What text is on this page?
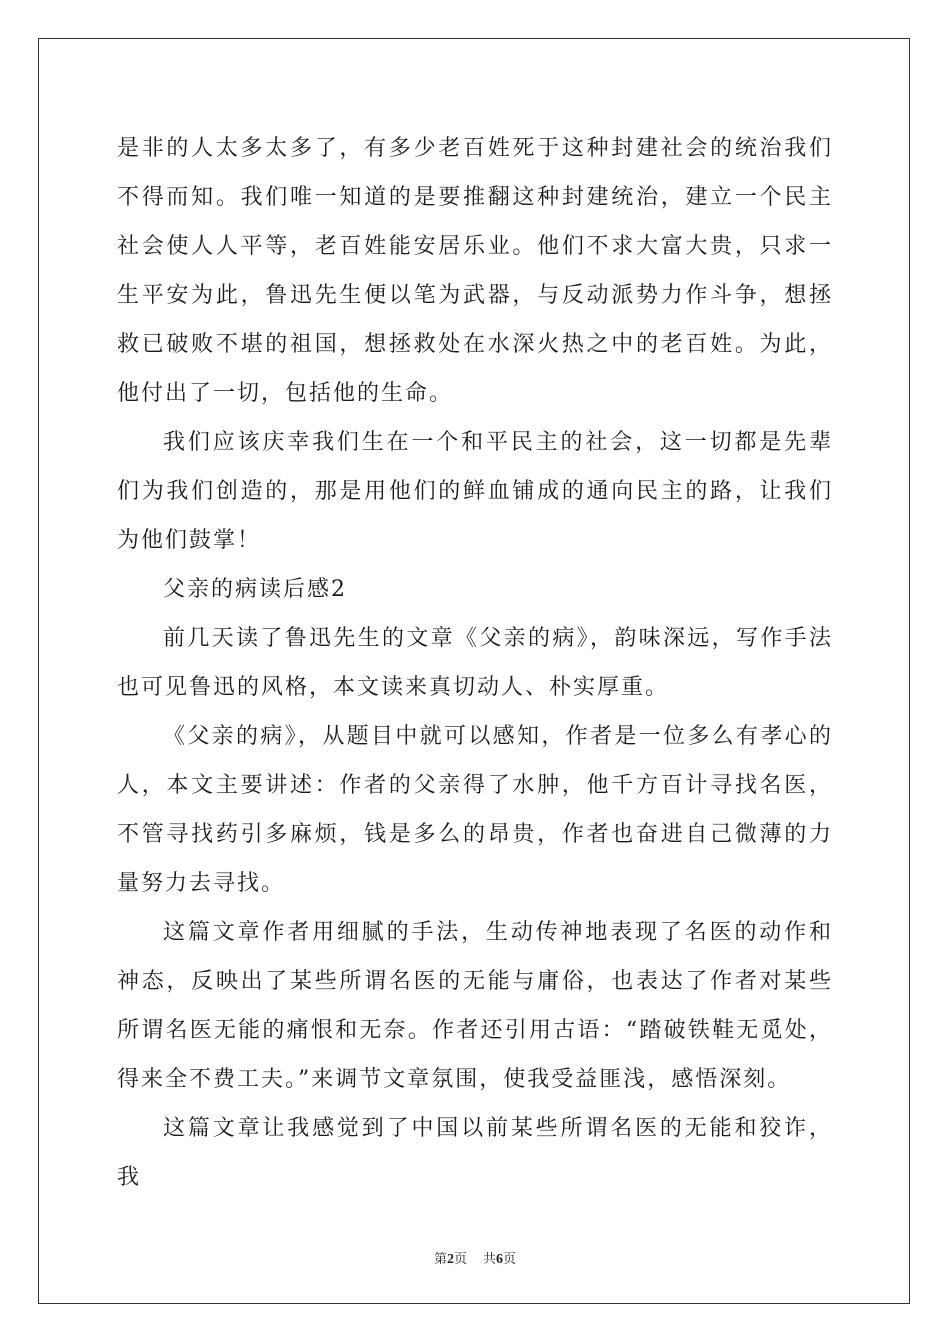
是非的人太多太多了，有多少老百姓死于这种封建社会的统治我们不得而知。我们唯一知道的是要推翻这种封建统治，建立一个民主社会使人人平等，老百姓能安居乐业。他们不求大富大贵，只求一生平安为此，鲁迅先生便以笔为武器，与反动派势力作斗争，想拯救已破败不堪的祖国，想拯救处在水深火热之中的老百姓。为此，他付出了一切，包括他的生命。

我们应该庆幸我们生在一个和平民主的社会，这一切都是先辈们为我们创造的，那是用他们的鲜血铺成的通向民主的路，让我们为他们鼓掌！

父亲的病读后感2

前几天读了鲁迅先生的文章《父亲的病》，韵味深远，写作手法也可见鲁迅的风格，本文读来真切动人、朴实厚重。

《父亲的病》，从题目中就可以感知，作者是一位多么有孝心的人，本文主要讲述：作者的父亲得了水肿，他千方百计寻找名医，不管寻找药引多麻烦，钱是多么的昂贵，作者也奋进自己微薄的力量努力去寻找。

这篇文章作者用细腻的手法，生动传神地表现了名医的动作和神态，反映出了某些所谓名医的无能与庸俗，也表达了作者对某些所谓名医无能的痛恨和无奈。作者还引用古语：“踏破铁鞋无觅处，得来全不费工夫。”来调节文章氛围，使我受益匪浅，感悟深刻。

这篇文章让我感觉到了中国以前某些所谓名医的无能和狡诈，我

第2页 共6页
